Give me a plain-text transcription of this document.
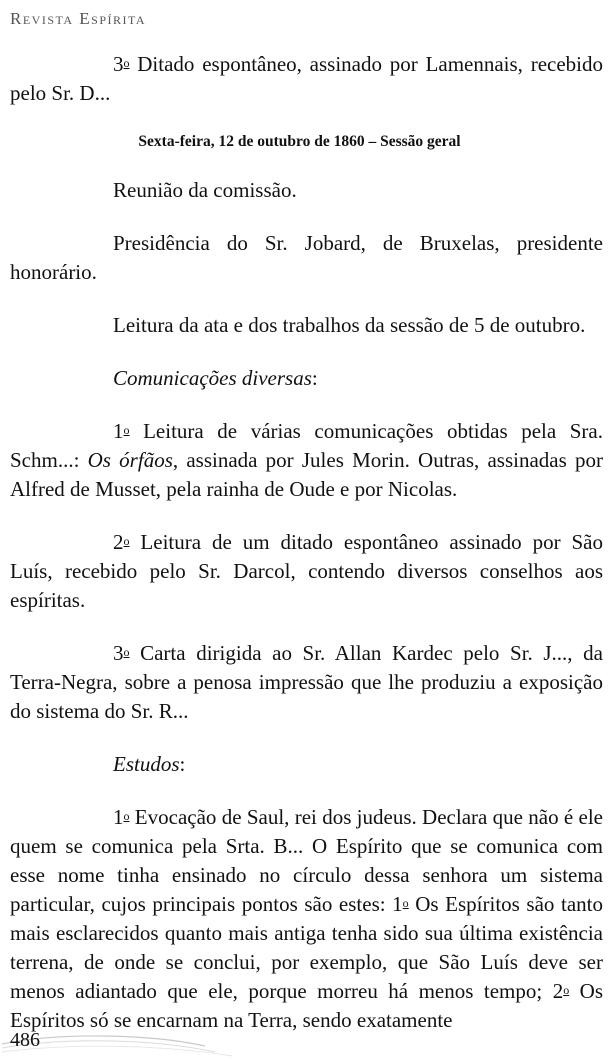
Revista Espírita

3$^o$ Ditado espontâneo, assinado por Lamennais, recebido pelo Sr. D...

Sexta-feira, 12 de outubro de 1860 – Sessão geral

Reunião da comissão.

Presidência do Sr. Jobard, de Bruxelas, presidente honorário.

Leitura da ata e dos trabalhos da sessão de 5 de outubro.

Comunicações diversas:

1$^o$ Leitura de várias comunicações obtidas pela Sra. Schm...: Os órfãos, assinada por Jules Morin. Outras, assinadas por Alfred de Musset, pela rainha de Oude e por Nicolas.

2$^o$ Leitura de um ditado espontâneo assinado por São Luís, recebido pelo Sr. Darcol, contendo diversos conselhos aos espíritas.

3$^o$ Carta dirigida ao Sr. Allan Kardec pelo Sr. J..., da Terra-Negra, sobre a penosa impressão que lhe produziu a exposição do sistema do Sr. R...

Estudos:

1$^o$ Evocação de Saul, rei dos judeus. Declara que não é ele quem se comunica pela Srta. B... O Espírito que se comunica com esse nome tinha ensinado no círculo dessa senhora um sistema particular, cujos principais pontos são estes: 1$^o$ Os Espíritos são tanto mais esclarecidos quanto mais antiga tenha sido sua última existência terrena, de onde se conclui, por exemplo, que São Luís deve ser menos adiantado que ele, porque morreu há menos tempo; 2$^o$ Os Espíritos só se encarnam na Terra, sendo exatamente

486
